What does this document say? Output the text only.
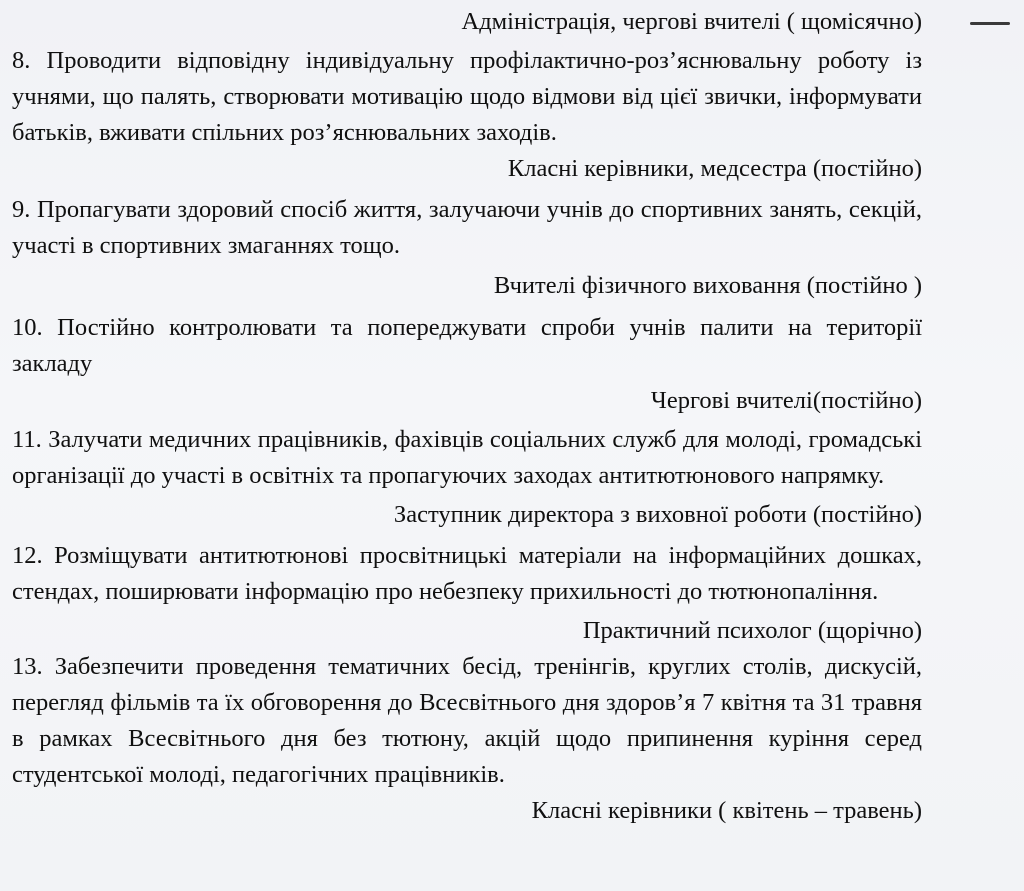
Адміністрація, чергові вчителі ( щомісячно)

8. Проводити відповідну індивідуальну профілактично-роз’яснювальну роботу із учнями, що палять, створювати мотивацію щодо відмови від цієї звички, інформувати батьків, вживати спільних роз’яснювальних заходів.

Класні керівники, медсестра (постійно)

9. Пропагувати здоровий спосіб життя, залучаючи учнів до спортивних занять, секцій, участі в спортивних змаганнях тощо.

Вчителі фізичного виховання (постійно )

10. Постійно контролювати та попереджувати спроби учнів палити на території закладу

Чергові вчителі(постійно)

11. Залучати медичних працівників, фахівців соціальних служб для молоді, громадські організації до участі в освітніх та пропагуючих заходах антитютюнового напрямку.

Заступник директора з виховної роботи (постійно)

12. Розміщувати антитютюнові просвітницькі матеріали на інформаційних дошках, стендах, поширювати інформацію про небезпеку прихильності до тютюнопаління.

Практичний психолог (щорічно)

13. Забезпечити проведення тематичних бесід, тренінгів, круглих столів, дискусій, перегляд фільмів та їх обговорення до Всесвітнього дня здоров’я 7 квітня та 31 травня в рамках Всесвітнього дня без тютюну, акцій щодо припинення куріння серед студентської молоді, педагогічних працівників.

Класні керівники ( квітень – травень)
